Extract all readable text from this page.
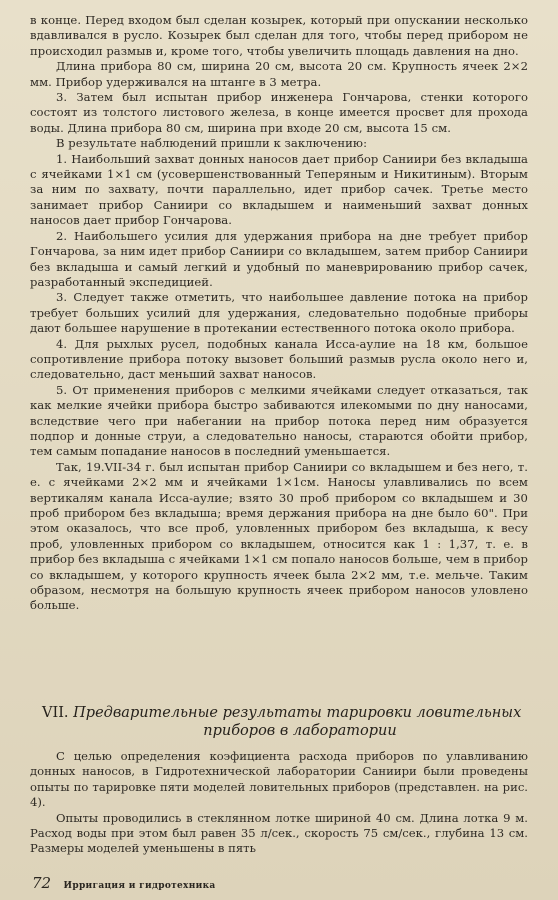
в конце. Перед входом был сделан козырек, который при опускании несколько вдавливался в русло. Козырек был сделан для того, чтобы перед прибором не происходил размыв и, кроме того, чтобы увеличить площадь давления на дно.

Длина прибора 80 см, ширина 20 см, высота 20 см. Крупность ячеек 2×2 мм. Прибор удерживался на штанге в 3 метра.

3. Затем был испытан прибор инженера Гончарова, стенки которого состоят из толстого листового железа, в конце имеется просвет для прохода воды. Длина прибора 80 см, ширина при входе 20 см, высота 15 см.

В результате наблюдений пришли к заключению:

1. Наибольший захват донных наносов дает прибор Саниири без вкладыша с ячейками 1×1 см (усовершенствованный Теперяным и Никитиным). Вторым за ним по захвату, почти параллельно, идет прибор сачек. Третье место занимает прибор Саниири со вкладышем и наименьший захват донных наносов дает прибор Гончарова.

2. Наибольшего усилия для удержания прибора на дне требует прибор Гончарова, за ним идет прибор Саниири со вкладышем, затем прибор Саниири без вкладыша и самый легкий и удобный по маневрированию прибор сачек, разработанный экспедицией.

3. Следует также отметить, что наибольшее давление потока на прибор требует больших усилий для удержания, следовательно подобные приборы дают большее нарушение в протекании естественного потока около прибора.

4. Для рыхлых русел, подобных канала Исса-аулие на 18 км, большое сопротивление прибора потоку вызовет больший размыв русла около него и, следовательно, даст меньший захват наносов.

5. От применения приборов с мелкими ячейками следует отказаться, так как мелкие ячейки прибора быстро забиваются илекомыми по дну наносами, вследствие чего при набегании на прибор потока перед ним образуется подпор и донные струи, а следовательно наносы, стараются обойти прибор, тем самым попадание наносов в последний уменьшается.

Так, 19.VII-34 г. был испытан прибор Саниири со вкладышем и без него, т. е. с ячейками 2×2 мм и ячейками 1×1см. Наносы улавливались по всем вертикалям канала Исса-аулие; взято 30 проб прибором со вкладышем и 30 проб прибором без вкладыша; время держания прибора на дне было 60". При этом оказалось, что все проб, уловленных прибором без вкладыша, к весу проб, уловленных прибором со вкладышем, относится как 1 : 1,37, т. е. в прибор без вкладыша с ячейками 1×1 см попало наносов больше, чем в прибор со вкладышем, у которого крупность ячеек была 2×2 мм, т.е. мельче. Таким образом, несмотря на большую крупность ячеек прибором наносов уловлено больше.

VII. Предварительные результаты тарировки ловительных
приборов в лаборатории

С целью определения коэфициента расхода приборов по улавливанию донных наносов, в Гидротехнической лаборатории Саниири были проведены опыты по тарировке пяти моделей ловительных приборов (представлен. на рис. 4).

Опыты проводились в стеклянном лотке шириной 40 см. Длина лотка 9 м. Расход воды при этом был равен 35 л/сек., скорость 75 см/сек., глубина 13 см. Размеры моделей уменьшены в пять

72 Ирригация и гидротехника
